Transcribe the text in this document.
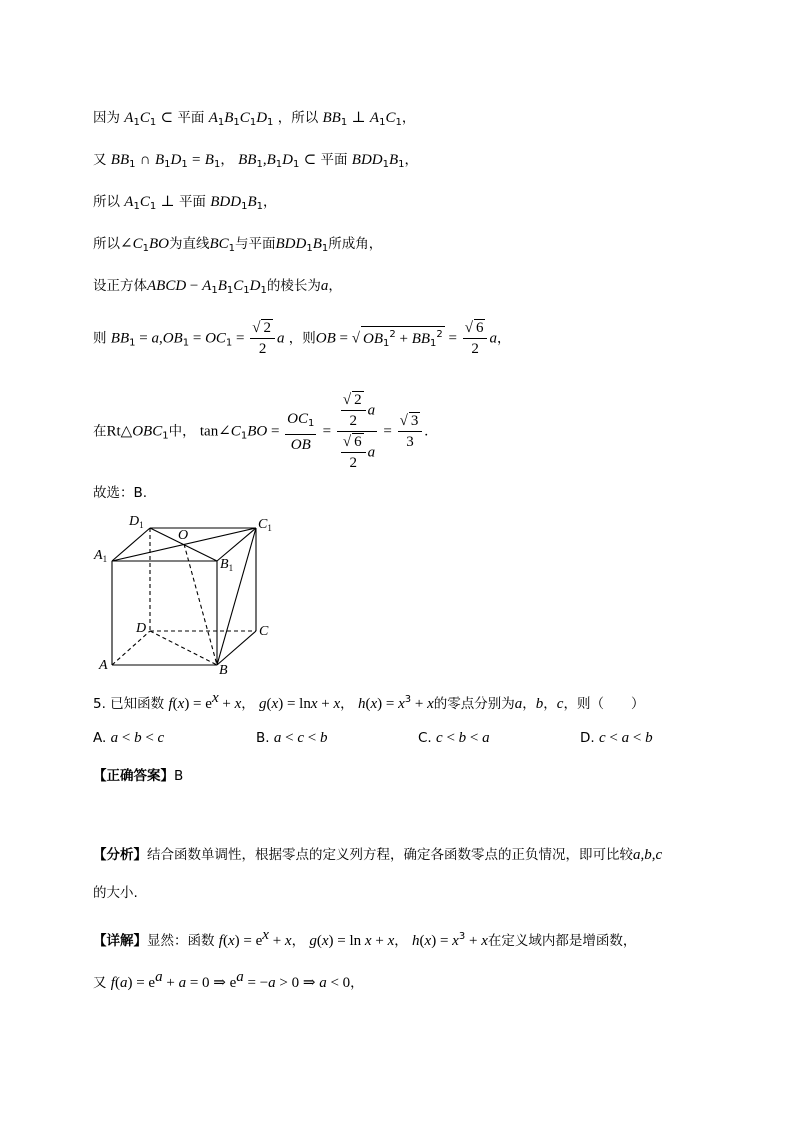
因为 $A_1C_1$ ⊂ 平面 $A_1B_1C_1D_1$ ，所以 $BB_1$ ⊥ $A_1C_1$，
又 $BB_1$ ∩ $B_1D_1 = B_1$， $BB_1,B_1D_1$ ⊂ 平面 $BDD_1B_1$，
所以 $A_1C_1$ ⊥ 平面 $BDD_1B_1$，
所以$\angle C_1BO$为直线$BC_1$与平面$BDD_1B_1$所成角，
设正方体ABCD − $A_1B_1C_1D_1$的棱长为a，
则 $BB_1 = a,OB_1 = OC_1 = \frac{√ 2}{2}$ a ，则OB = √ $OB_1^2 + BB_1^2 = \frac{√ 6}{2}$ a，
在$Rt\triangle OBC_1$中， $\tan\angle C_1BO = \frac{OC_1}{OB} = \frac{\frac{√ 2}{2} a}{\frac{√ 6}{2} a} = \frac{√ 3}{3}$ .
故选：B.
$D_1$
O
$C_1$
$A_1$	$B_1$
D	C
A	B
5. 已知函数 $f(x) = e^x + x$， g(x) = lnx + x， $h(x) = x^3 + x$的零点分别为a，b，c，则（　　）
A. a < b < c	B. a < c < b	C. c < b < a	D. c < a < b
【正确答案】B
【分析】结合函数单调性，根据零点的定义列方程，确定各函数零点的正负情况，即可比较a,b,c
的大小.
【详解】显然：函数 $f(x) = e^x + x$， g(x) = ln x + x， $h(x) = x^3 + x$在定义域内都是增函数，
又 $f(a) = e^a + a = 0$ ⇒ $e^a = -a > 0$ ⇒ a < 0，
